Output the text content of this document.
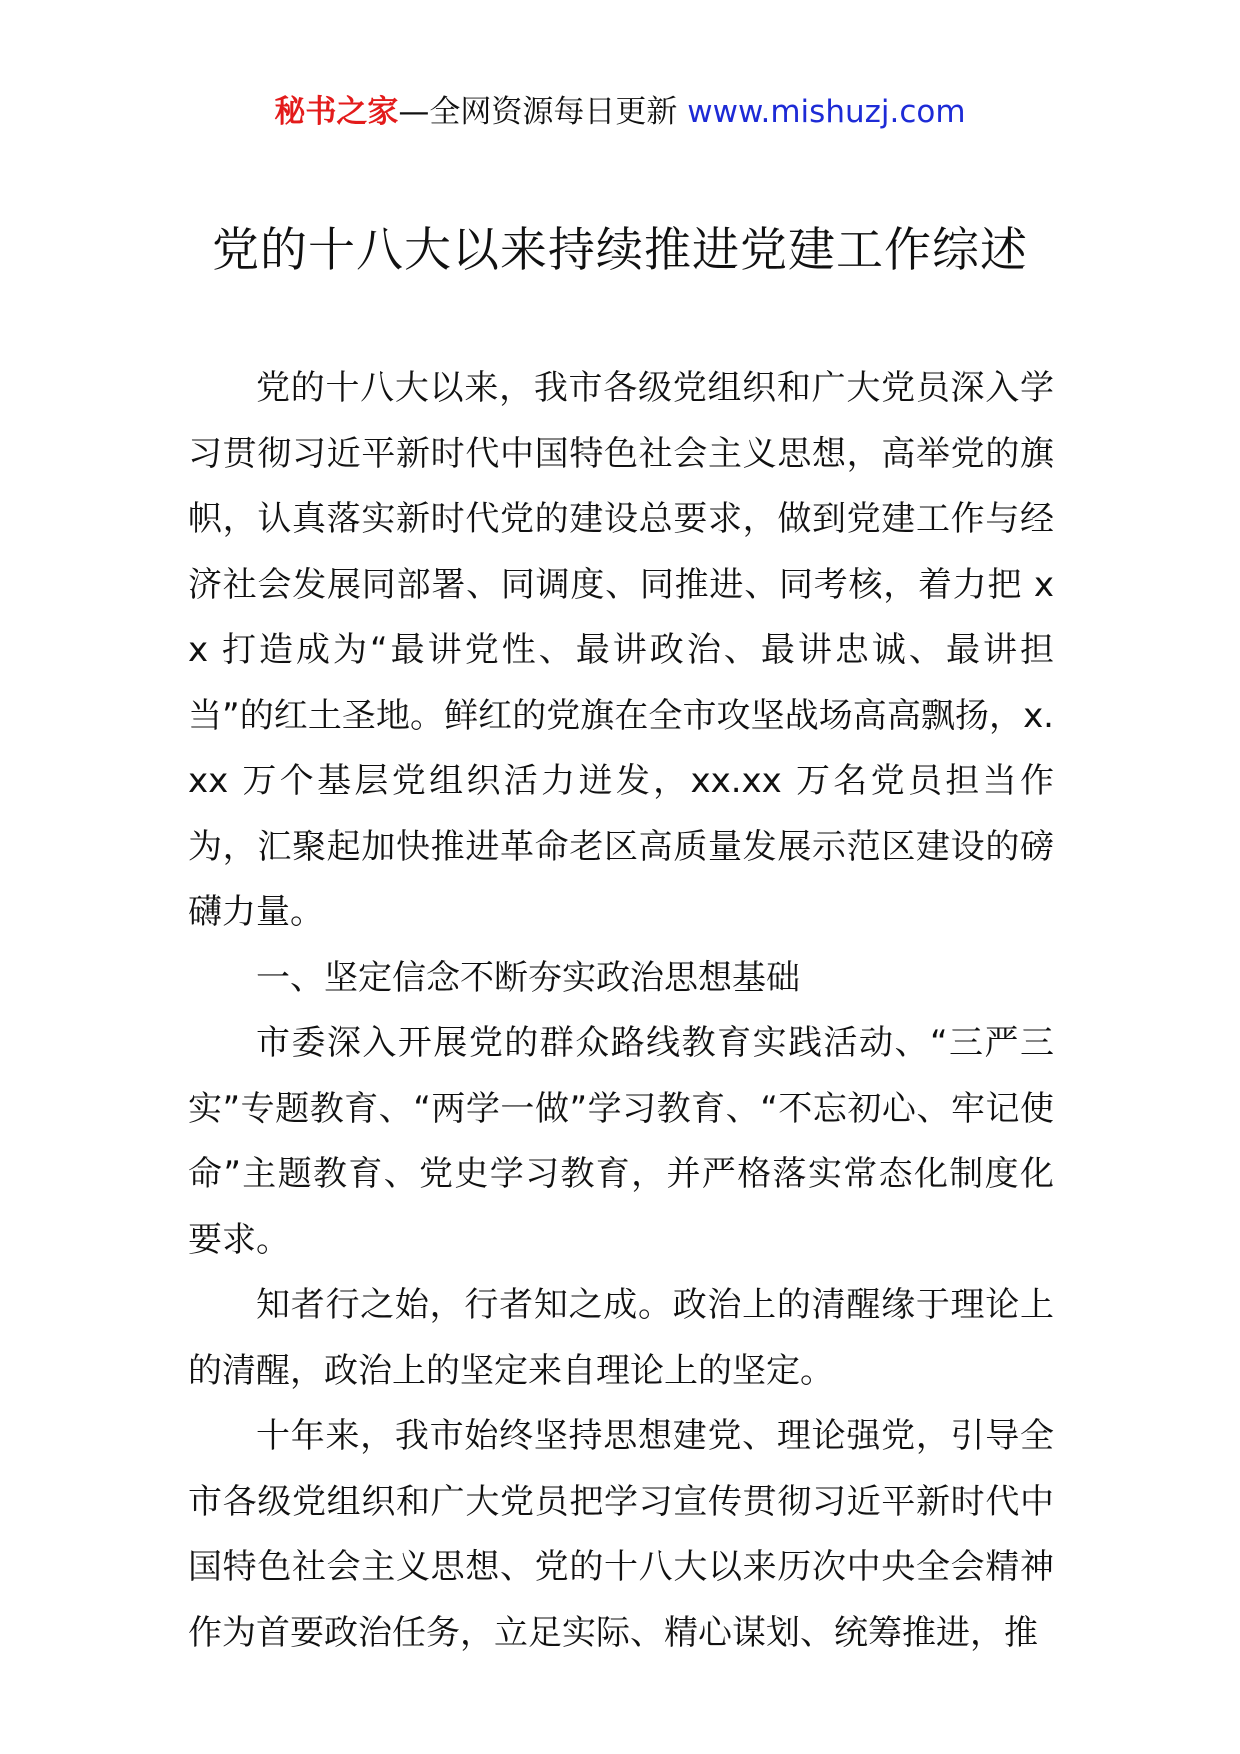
秘书之家—全网资源每日更新 www.mishuzj.com
党的十八大以来持续推进党建工作综述

党的十八大以来，我市各级党组织和广大党员深入学习贯彻习近平新时代中国特色社会主义思想，高举党的旗帜，认真落实新时代党的建设总要求，做到党建工作与经济社会发展同部署、同调度、同推进、同考核，着力把 xx 打造成为“最讲党性、最讲政治、最讲忠诚、最讲担当”的红土圣地。鲜红的党旗在全市攻坚战场高高飘扬，x.xx 万个基层党组织活力迸发，xx.xx 万名党员担当作为，汇聚起加快推进革命老区高质量发展示范区建设的磅礴力量。

一、坚定信念不断夯实政治思想基础

市委深入开展党的群众路线教育实践活动、“三严三实”专题教育、“两学一做”学习教育、“不忘初心、牢记使命”主题教育、党史学习教育，并严格落实常态化制度化要求。

知者行之始，行者知之成。政治上的清醒缘于理论上的清醒，政治上的坚定来自理论上的坚定。

十年来，我市始终坚持思想建党、理论强党，引导全市各级党组织和广大党员把学习宣传贯彻习近平新时代中国特色社会主义思想、党的十八大以来历次中央全会精神作为首要政治任务，立足实际、精心谋划、统筹推进，推
